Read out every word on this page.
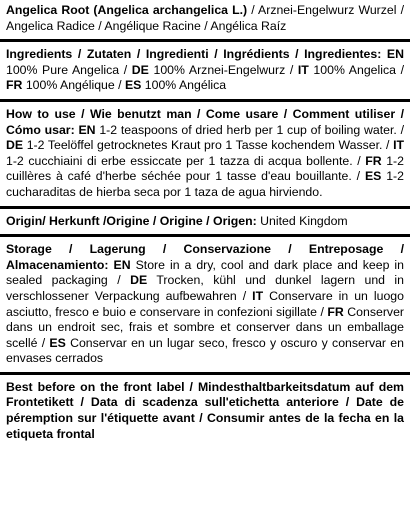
Angelica Root (Angelica archangelica L.) / Arznei-Engelwurz Wurzel / Angelica Radice / Angélique Racine / Angélica Raíz

Ingredients / Zutaten / Ingredienti / Ingrédients / Ingredientes: EN 100% Pure Angelica / DE 100% Arznei-Engelwurz / IT 100% Angelica / FR 100% Angélique / ES 100% Angélica

How to use / Wie benutzt man / Come usare / Comment utiliser / Cómo usar: EN 1-2 teaspoons of dried herb per 1 cup of boiling water. / DE 1-2 Teelöffel getrocknetes Kraut pro 1 Tasse kochendem Wasser. / IT 1-2 cucchiaini di erbe essiccate per 1 tazza di acqua bollente. / FR 1-2 cuillères à café d'herbe séchée pour 1 tasse d'eau bouillante. / ES 1-2 cucharaditas de hierba seca por 1 taza de agua hirviendo.

Origin/ Herkunft /Origine / Origine / Origen: United Kingdom

Storage / Lagerung / Conservazione / Entreposage / Almacenamiento: EN Store in a dry, cool and dark place and keep in sealed packaging / DE Trocken, kühl und dunkel lagern und in verschlossener Verpackung aufbewahren / IT Conservare in un luogo asciutto, fresco e buio e conservare in confezioni sigillate / FR Conserver dans un endroit sec, frais et sombre et conserver dans un emballage scellé / ES Conservar en un lugar seco, fresco y oscuro y conservar en envases cerrados

Best before on the front label / Mindesthaltbarkeitsdatum auf dem Frontetikett / Data di scadenza sull'etichetta anteriore / Date de péremption sur l'étiquette avant / Consumir antes de la fecha en la etiqueta frontal
